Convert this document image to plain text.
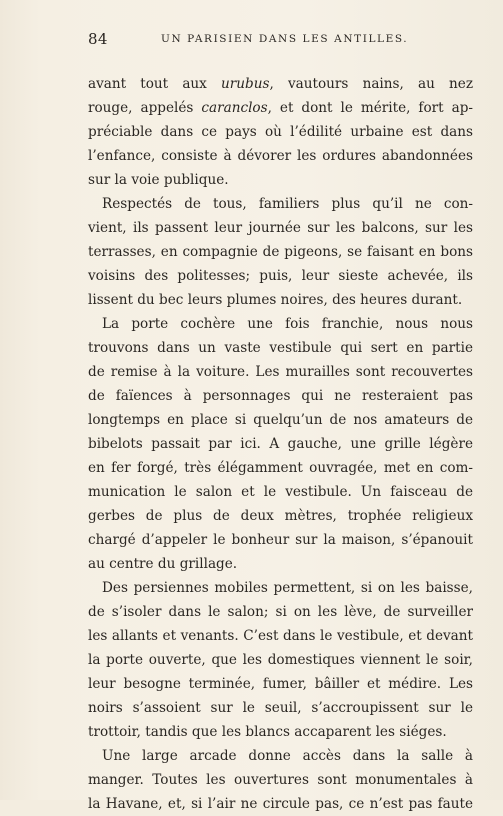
84	UN PARISIEN DANS LES ANTILLES.
avant tout aux urubus, vautours nains, au nez
rouge, appelés caranclos, et dont le mérite, fort ap-
préciable dans ce pays où l’édilité urbaine est dans
l’enfance, consiste à dévorer les ordures abandonnées
sur la voie publique.
Respectés de tous, familiers plus qu’il ne con-
vient, ils passent leur journée sur les balcons, sur les
terrasses, en compagnie de pigeons, se faisant en bons
voisins des politesses; puis, leur sieste achevée, ils
lissent du bec leurs plumes noires, des heures durant.
La porte cochère une fois franchie, nous nous
trouvons dans un vaste vestibule qui sert en partie
de remise à la voiture. Les murailles sont recouvertes
de faïences à personnages qui ne resteraient pas
longtemps en place si quelqu’un de nos amateurs de
bibelots passait par ici. A gauche, une grille légère
en fer forgé, très élégamment ouvragée, met en com-
munication le salon et le vestibule. Un faisceau de
gerbes de plus de deux mètres, trophée religieux
chargé d’appeler le bonheur sur la maison, s’épanouit
au centre du grillage.
Des persiennes mobiles permettent, si on les baisse,
de s’isoler dans le salon; si on les lève, de surveiller
les allants et venants. C’est dans le vestibule, et devant
la porte ouverte, que les domestiques viennent le soir,
leur besogne terminée, fumer, bâiller et médire. Les
noirs s’assoient sur le seuil, s’accroupissent sur le
trottoir, tandis que les blancs accaparent les siéges.
Une large arcade donne accès dans la salle à
manger. Toutes les ouvertures sont monumentales à
la Havane, et, si l’air ne circule pas, ce n’est pas faute
